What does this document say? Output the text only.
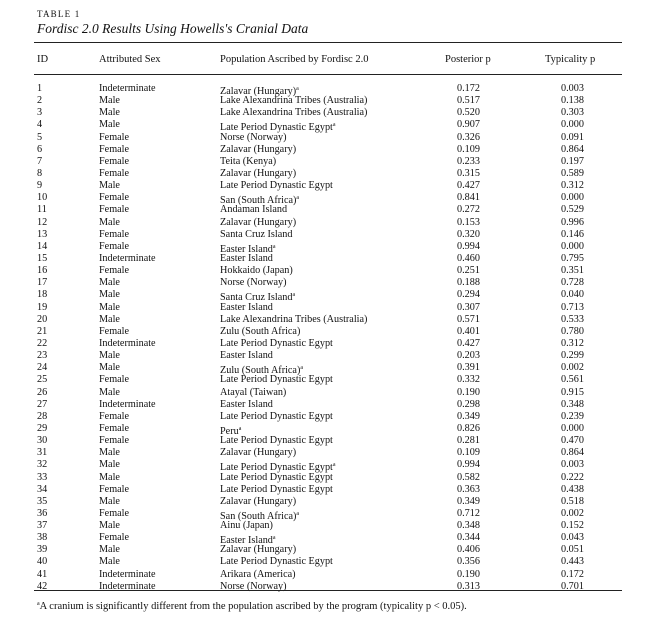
TABLE 1
Fordisc 2.0 Results Using Howells's Cranial Data
ID	Attributed Sex	Population Ascribed by Fordisc 2.0	Posterior p	Typicality p
1	Indeterminate	Zalavar (Hungary)$^a$	0.172	0.003
2	Male	Lake Alexandrina Tribes (Australia)	0.517	0.138
3	Male	Lake Alexandrina Tribes (Australia)	0.520	0.303
4	Male	Late Period Dynastic Egypt$^a$	0.907	0.000
5	Female	Norse (Norway)	0.326	0.091
6	Female	Zalavar (Hungary)	0.109	0.864
7	Female	Teita (Kenya)	0.233	0.197
8	Female	Zalavar (Hungary)	0.315	0.589
9	Male	Late Period Dynastic Egypt	0.427	0.312
10	Female	San (South Africa)$^a$	0.841	0.000
11	Female	Andaman Island	0.272	0.529
12	Male	Zalavar (Hungary)	0.153	0.996
13	Female	Santa Cruz Island	0.320	0.146
14	Female	Easter Island$^a$	0.994	0.000
15	Indeterminate	Easter Island	0.460	0.795
16	Female	Hokkaido (Japan)	0.251	0.351
17	Male	Norse (Norway)	0.188	0.728
18	Male	Santa Cruz Island$^a$	0.294	0.040
19	Male	Easter Island	0.307	0.713
20	Male	Lake Alexandrina Tribes (Australia)	0.571	0.533
21	Female	Zulu (South Africa)	0.401	0.780
22	Indeterminate	Late Period Dynastic Egypt	0.427	0.312
23	Male	Easter Island	0.203	0.299
24	Male	Zulu (South Africa)$^a$	0.391	0.002
25	Female	Late Period Dynastic Egypt	0.332	0.561
26	Male	Atayal (Taiwan)	0.190	0.915
27	Indeterminate	Easter Island	0.298	0.348
28	Female	Late Period Dynastic Egypt	0.349	0.239
29	Female	Peru$^a$	0.826	0.000
30	Female	Late Period Dynastic Egypt	0.281	0.470
31	Male	Zalavar (Hungary)	0.109	0.864
32	Male	Late Period Dynastic Egypt$^a$	0.994	0.003
33	Male	Late Period Dynastic Egypt	0.582	0.222
34	Female	Late Period Dynastic Egypt	0.363	0.438
35	Male	Zalavar (Hungary)	0.349	0.518
36	Female	San (South Africa)$^a$	0.712	0.002
37	Male	Ainu (Japan)	0.348	0.152
38	Female	Easter Island$^a$	0.344	0.043
39	Male	Zalavar (Hungary)	0.406	0.051
40	Male	Late Period Dynastic Egypt	0.356	0.443
41	Indeterminate	Arikara (America)	0.190	0.172
42	Indeterminate	Norse (Norway)	0.313	0.701
$^a$A cranium is significantly different from the population ascribed by the program (typicality p < 0.05).
